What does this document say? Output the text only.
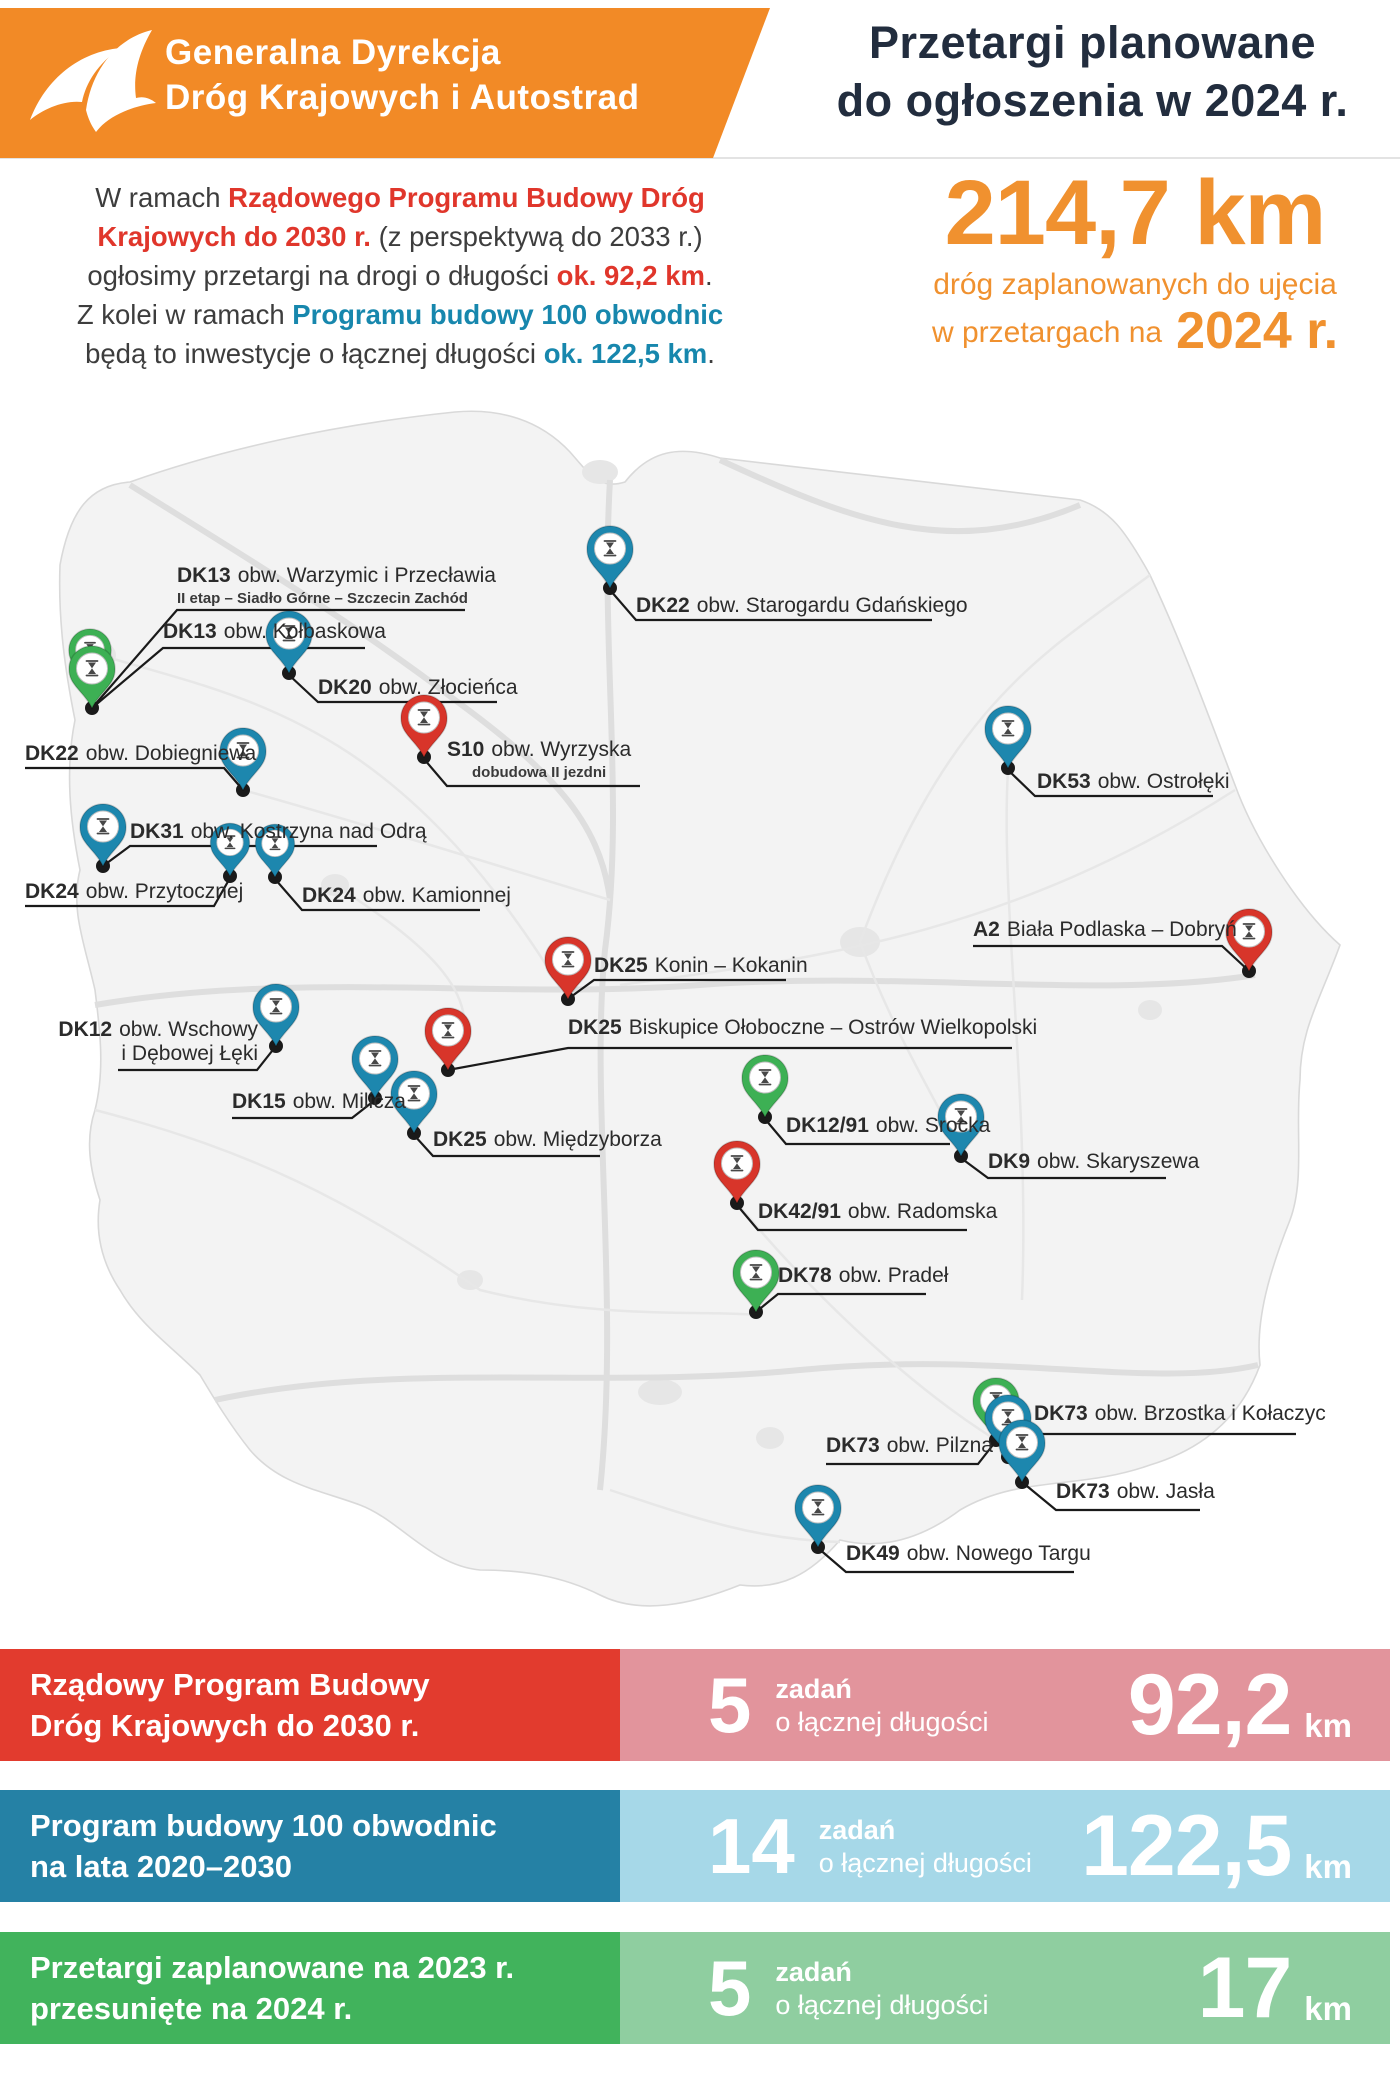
Generalna Dyrekcja
Dróg Krajowych i Autostrad
Przetargi planowane
do ogłoszenia w 2024 r.
W ramach Rządowego Programu Budowy Dróg
Krajowych do 2030 r. (z perspektywą do 2033 r.)
ogłosimy przetargi na drogi o długości ok. 92,2 km.
Z kolei w ramach Programu budowy 100 obwodnic
będą to inwestycje o łącznej długości ok. 122,5 km.
214,7 km
dróg zaplanowanych do ujęcia
w przetargach na 2024 r.
DK13 obw. Warzymic i Przecławia
II etap – Siadło Górne – Szczecin Zachód
DK13 obw. Kołbaskowa
DK20 obw. Złocieńca
DK22 obw. Starogardu Gdańskiego
S10 obw. Wyrzyska
dobudowa II jezdni	DK53 obw. Ostrołęki
DK22 obw. Dobiegniewa
DK31 obw. Kostrzyna nad Odrą
DK24 obw. Przytocznej	DK24 obw. Kamionnej
A2 Biała Podlaska – Dobryń
DK25 Konin – Kokanin
DK12 obw. Wschowy
i Dębowej Łęki
DK25 Biskupice Ołoboczne – Ostrów Wielkopolski
DK15 obw. Milicza
DK25 obw. Międzyborza
DK12/91 obw. Srocka
DK9 obw. Skaryszewa
DK42/91 obw. Radomska
DK78 obw. Pradeł
DK73 obw. Pilzna
DK73 obw. Brzostka i Kołaczyc
DK73 obw. Jasła
DK49 obw. Nowego Targu
Rządowy Program Budowy
Dróg Krajowych do 2030 r.	5 zadań
o łącznej długości 92,2 km
Program budowy 100 obwodnic
na lata 2020–2030	14 zadań
o łącznej długości 122,5 km
Przetargi zaplanowane na 2023 r.
przesunięte na 2024 r.	5 zadań
o łącznej długości 17 km
